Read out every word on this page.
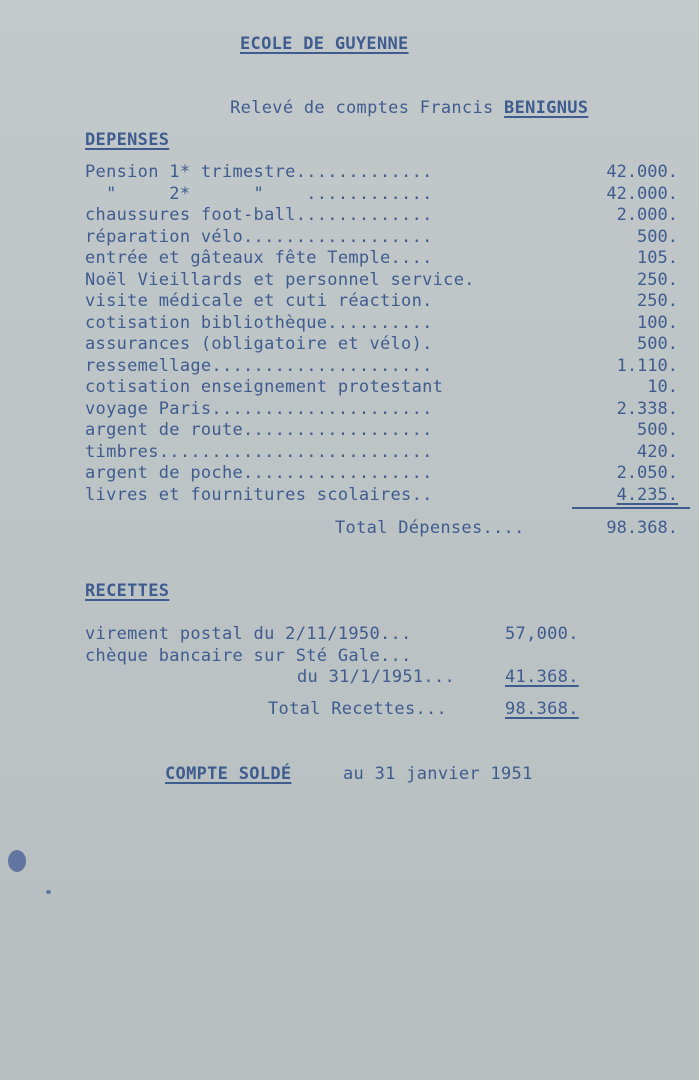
ECOLE DE GUYENNE

Relevé de comptes Francis BENIGNUS

DEPENSES
Pension 1* trimestre.............	42.000.
"     2*      "    ............	42.000.
chaussures foot-ball.............	2.000.
réparation vélo..................	500.
entrée et gâteaux fête Temple....	105.
Noël Vieillards et personnel service.	250.
visite médicale et cuti réaction.	250.
cotisation bibliothèque..........	100.
assurances (obligatoire et vélo).	500.
ressemellage.....................	1.110.
cotisation enseignement protestant	10.
voyage Paris.....................	2.338.
argent de route..................	500.
timbres..........................	420.
argent de poche..................	2.050.
livres et fournitures scolaires..	4.235.
Total Dépenses....	98.368.
RECETTES
virement postal du 2/11/1950...	57,000.
chèque bancaire sur Sté Gale...
du 31/1/1951...	41.368.
Total Recettes...	98.368.
COMPTE SOLDÉ	au 31 janvier 1951
